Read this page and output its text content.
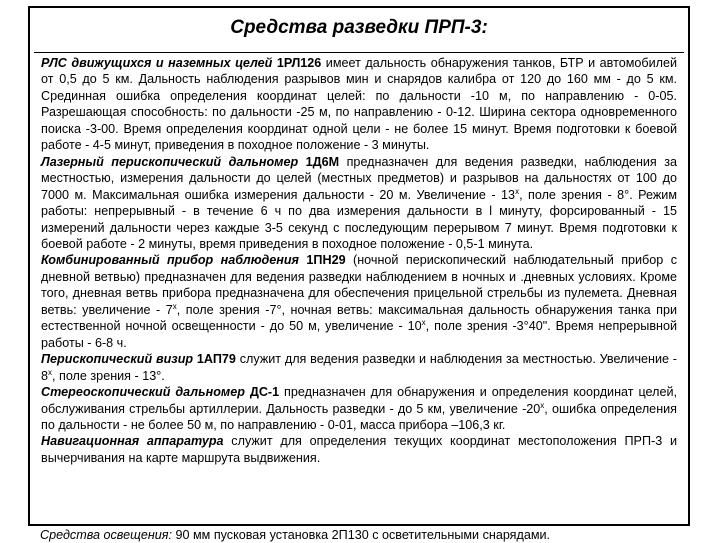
Средства разведки ПРП-3:

РЛС движущихся и наземных целей 1РЛ126 имеет дальность обнаружения танков, БТР и автомобилей от 0,5 до 5 км. Дальность наблюдения разрывов мин и снарядов калибра от 120 до 160 мм - до 5 км. Срединная ошибка определения координат целей: по дальности -10 м, по направлению - 0-05. Разрешающая способность: по дальности -25 м, по направлению - 0-12. Ширина сектора одновременного поиска -3-00. Время определения координат одной цели - не более 15 минут. Время подготовки к боевой работе - 4-5 минут, приведения в походное положение - 3 минуты.

Лазерный перископический дальномер 1Д6М предназначен для ведения разведки, наблюдения за местностью, измерения дальности до целей (местных предметов) и разрывов на дальностях от 100 до 7000 м. Максимальная ошибка измерения дальности - 20 м. Увеличение - $13^х$, поле зрения - 8°. Режим работы: непрерывный - в течение 6 ч по два измерения дальности в l минуту, форсированный - 15 измерений дальности через каждые 3-5 секунд с последующим перерывом 7 минут. Время подготовки к боевой работе - 2 минуты, время приведения в походное положение - 0,5-1 минута.

Комбинированный прибор наблюдения 1ПН29 (ночной перископический наблюдательный прибор с дневной ветвью) предназначен для ведения разведки наблюдением в ночных и .дневных условиях. Кроме того, дневная ветвь прибора предназначена для обеспечения прицельной стрельбы из пулемета. Дневная ветвь: увеличение - $7^х$, поле зрения -7°, ночная ветвь: максимальная дальность обнаружения танка при естественной ночной освещенности - до 50 м, увеличение - $10^х$, поле зрения -3°40". Время непрерывной работы - 6-8 ч.

Перископический визир 1АП79 служит для ведения разведки и наблюдения за местностью. Увеличение - $8^х$, поле зрения - 13°.

Стереоскопический дальномер ДС-1 предназначен для обнаружения и определения координат целей, обслуживания стрельбы артиллерии. Дальность разведки - до 5 км, увеличение $-20^х$, ошибка определения по дальности - не более 50 м, по направлению - 0-01, масса прибора –106,3 кг.

Навигационная аппаратура служит для определения текущих координат местоположения ПРП-3 и вычерчивания на карте маршрута выдвижения.

Средства освещения: 90 мм пусковая установка 2П130 с осветительными снарядами.
